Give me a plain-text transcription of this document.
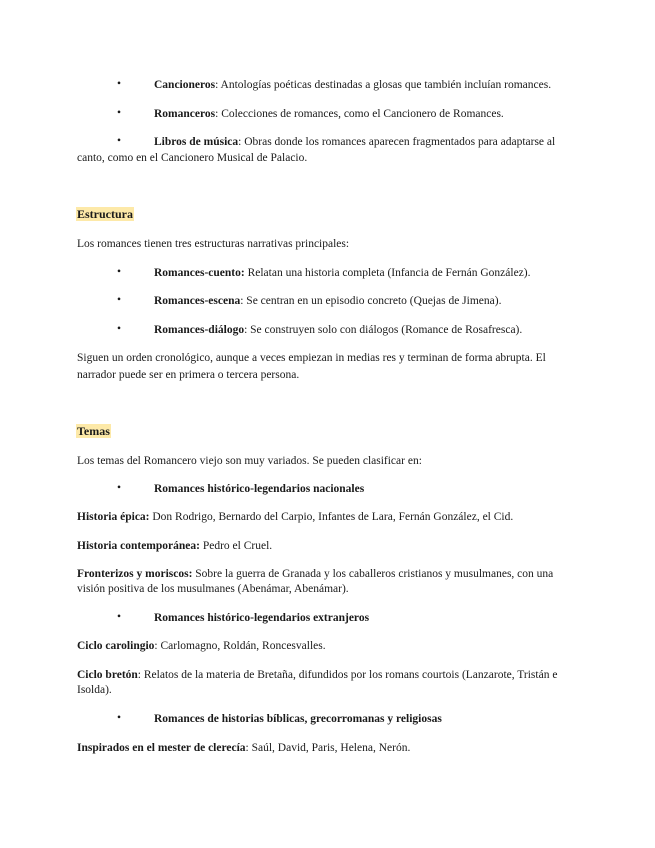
•	Cancioneros: Antologías poéticas destinadas a glosas que también incluían romances.
•	Romanceros: Colecciones de romances, como el Cancionero de Romances.
•	Libros de música: Obras donde los romances aparecen fragmentados para adaptarse al
canto, como en el Cancionero Musical de Palacio.
Estructura
Los romances tienen tres estructuras narrativas principales:
•	Romances-cuento: Relatan una historia completa (Infancia de Fernán González).
•	Romances-escena: Se centran en un episodio concreto (Quejas de Jimena).
•	Romances-diálogo: Se construyen solo con diálogos (Romance de Rosafresca).
Siguen un orden cronológico, aunque a veces empiezan in medias res y terminan de forma abrupta. El
narrador puede ser en primera o tercera persona.
Temas
Los temas del Romancero viejo son muy variados. Se pueden clasificar en:
•	Romances histórico-legendarios nacionales
Historia épica: Don Rodrigo, Bernardo del Carpio, Infantes de Lara, Fernán González, el Cid.
Historia contemporánea: Pedro el Cruel.
Fronterizos y moriscos: Sobre la guerra de Granada y los caballeros cristianos y musulmanes, con una
visión positiva de los musulmanes (Abenámar, Abenámar).
•	Romances histórico-legendarios extranjeros
Ciclo carolingio: Carlomagno, Roldán, Roncesvalles.
Ciclo bretón: Relatos de la materia de Bretaña, difundidos por los romans courtois (Lanzarote, Tristán e
Isolda).
•	Romances de historias bíblicas, grecorromanas y religiosas
Inspirados en el mester de clerecía: Saúl, David, Paris, Helena, Nerón.
